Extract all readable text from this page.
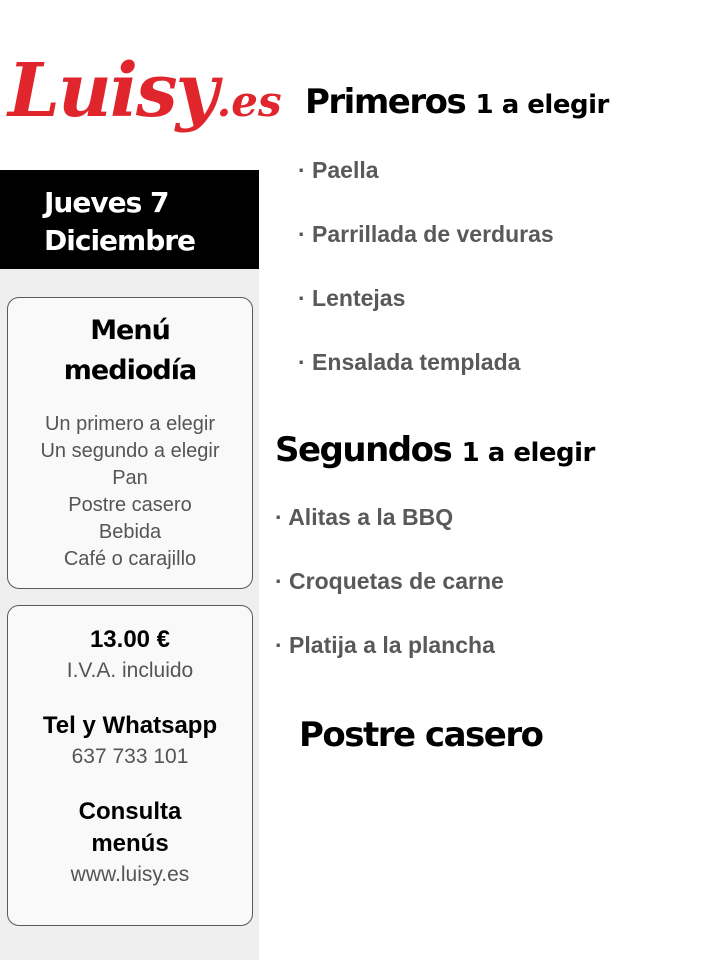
Luisy.es
Jueves 7
Diciembre
Menú
mediodía
Un primero a elegir
Un segundo a elegir
Pan
Postre casero
Bebida
Café o carajillo
13.00 €
I.V.A. incluido
Tel y Whatsapp
637 733 101
Consulta
menús
www.luisy.es
Primeros 1 a elegir
· Paella
· Parrillada de verduras
· Lentejas
· Ensalada templada
Segundos 1 a elegir
· Alitas a la BBQ
· Croquetas de carne
· Platija a la plancha
Postre casero
